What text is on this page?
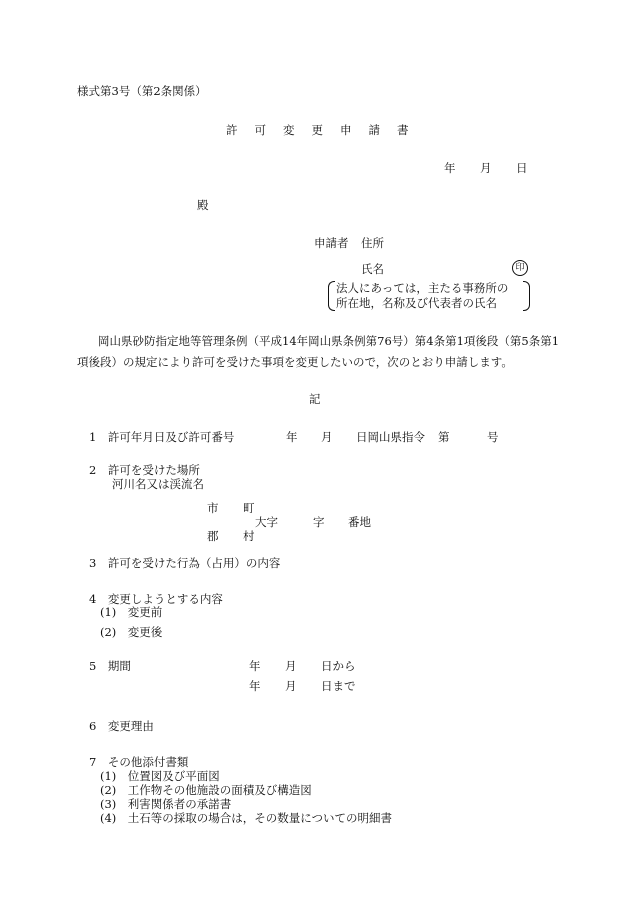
様式第3号（第2条関係）
許可変更申請書
年 月 日
殿
申請者 住所
氏名	印
法人にあっては，主たる事務所の
所在地，名称及び代表者の氏名
岡山県砂防指定地等管理条例（平成14年岡山県条例第76号）第4条第1項後段（第5条第1
項後段）の規定により許可を受けた事項を変更したいので，次のとおり申請します。
記
1　許可年月日及び許可番号	年 月 日岡山県指令 第	号
2　許可を受けた場所
河川名又は渓流名
市 町
大字	字 番地
郡 村
3　許可を受けた行為（占用）の内容
4　変更しようとする内容
(1)　変更前
(2)　変更後
5　期間	年 月 日から
年 月 日まで
6　変更理由
7　その他添付書類
(1)　位置図及び平面図
(2)　工作物その他施設の面積及び構造図
(3)　利害関係者の承諾書
(4)　土石等の採取の場合は，その数量についての明細書
